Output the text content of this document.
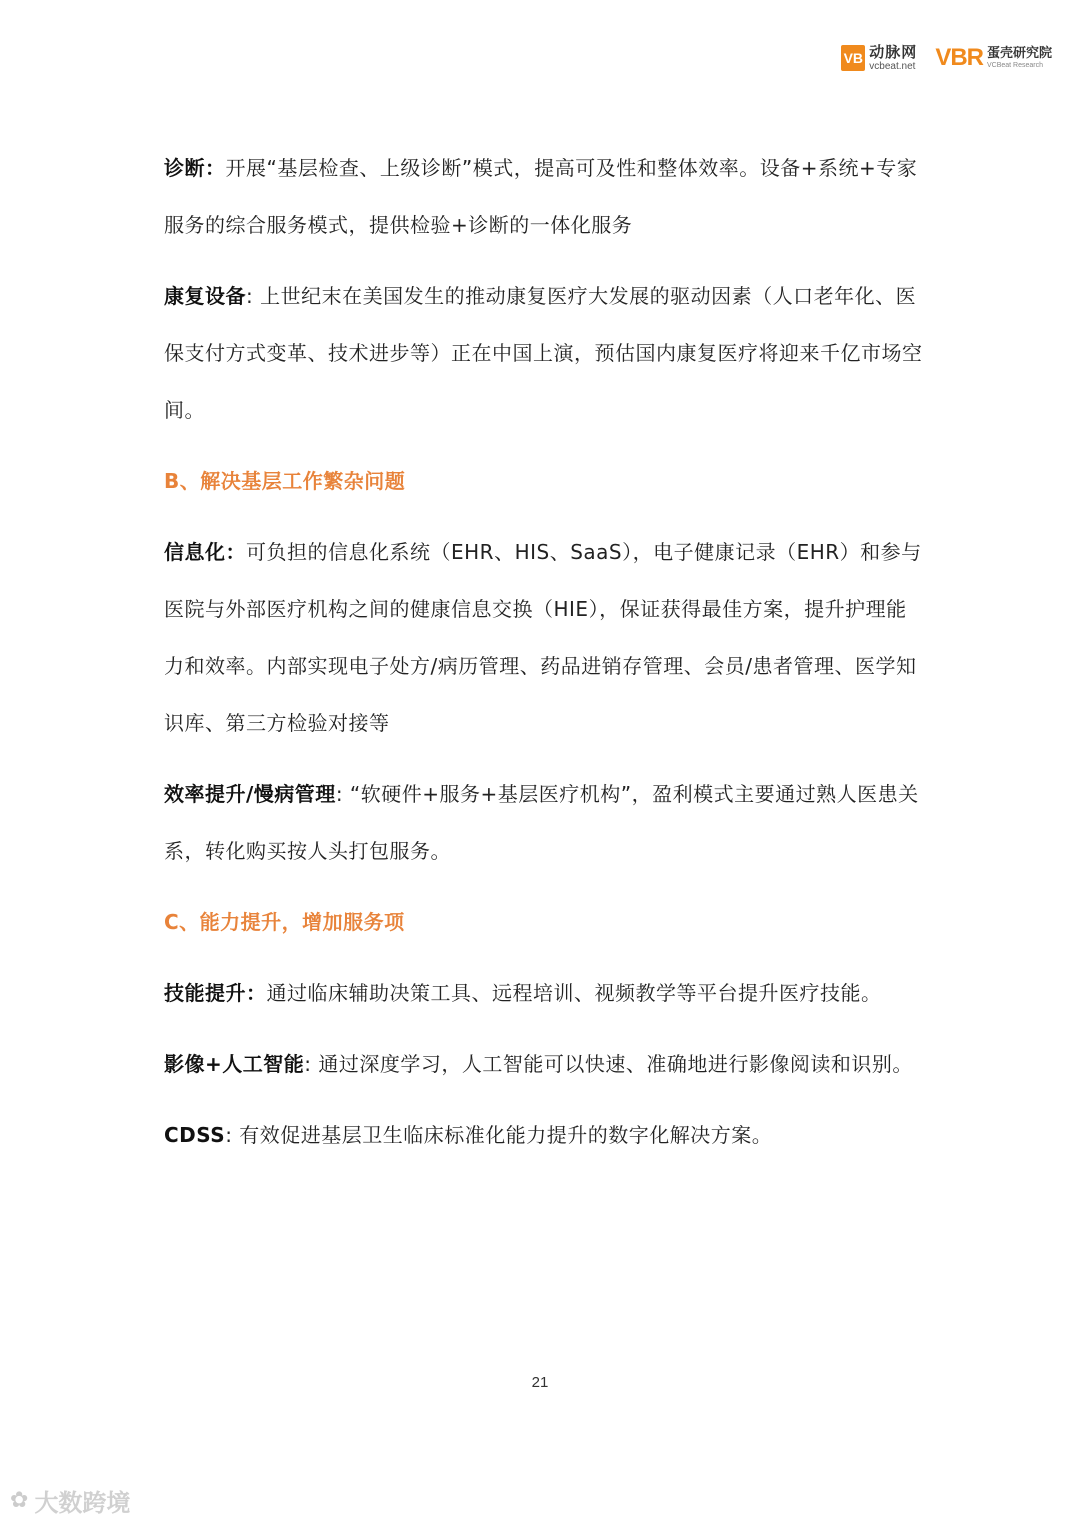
VB 动脉网
vcbeat.net VBR 蛋壳研究院
VCBeat Research

诊断：开展“基层检查、上级诊断”模式，提高可及性和整体效率。设备+系统+专家服务的综合服务模式，提供检验+诊断的一体化服务

康复设备: 上世纪末在美国发生的推动康复医疗大发展的驱动因素（人口老年化、医保支付方式变革、技术进步等）正在中国上演，预估国内康复医疗将迎来千亿市场空间。

B、解决基层工作繁杂问题

信息化：可负担的信息化系统（EHR、HIS、SaaS），电子健康记录（EHR）和参与医院与外部医疗机构之间的健康信息交换（HIE），保证获得最佳方案，提升护理能力和效率。内部实现电子处方/病历管理、药品进销存管理、会员/患者管理、医学知识库、第三方检验对接等

效率提升/慢病管理: “软硬件+服务+基层医疗机构”，盈利模式主要通过熟人医患关系，转化购买按人头打包服务。

C、能力提升，增加服务项

技能提升：通过临床辅助决策工具、远程培训、视频教学等平台提升医疗技能。

影像+人工智能: 通过深度学习，人工智能可以快速、准确地进行影像阅读和识别。

CDSS: 有效促进基层卫生临床标准化能力提升的数字化解决方案。

21
✿ 大数跨境
